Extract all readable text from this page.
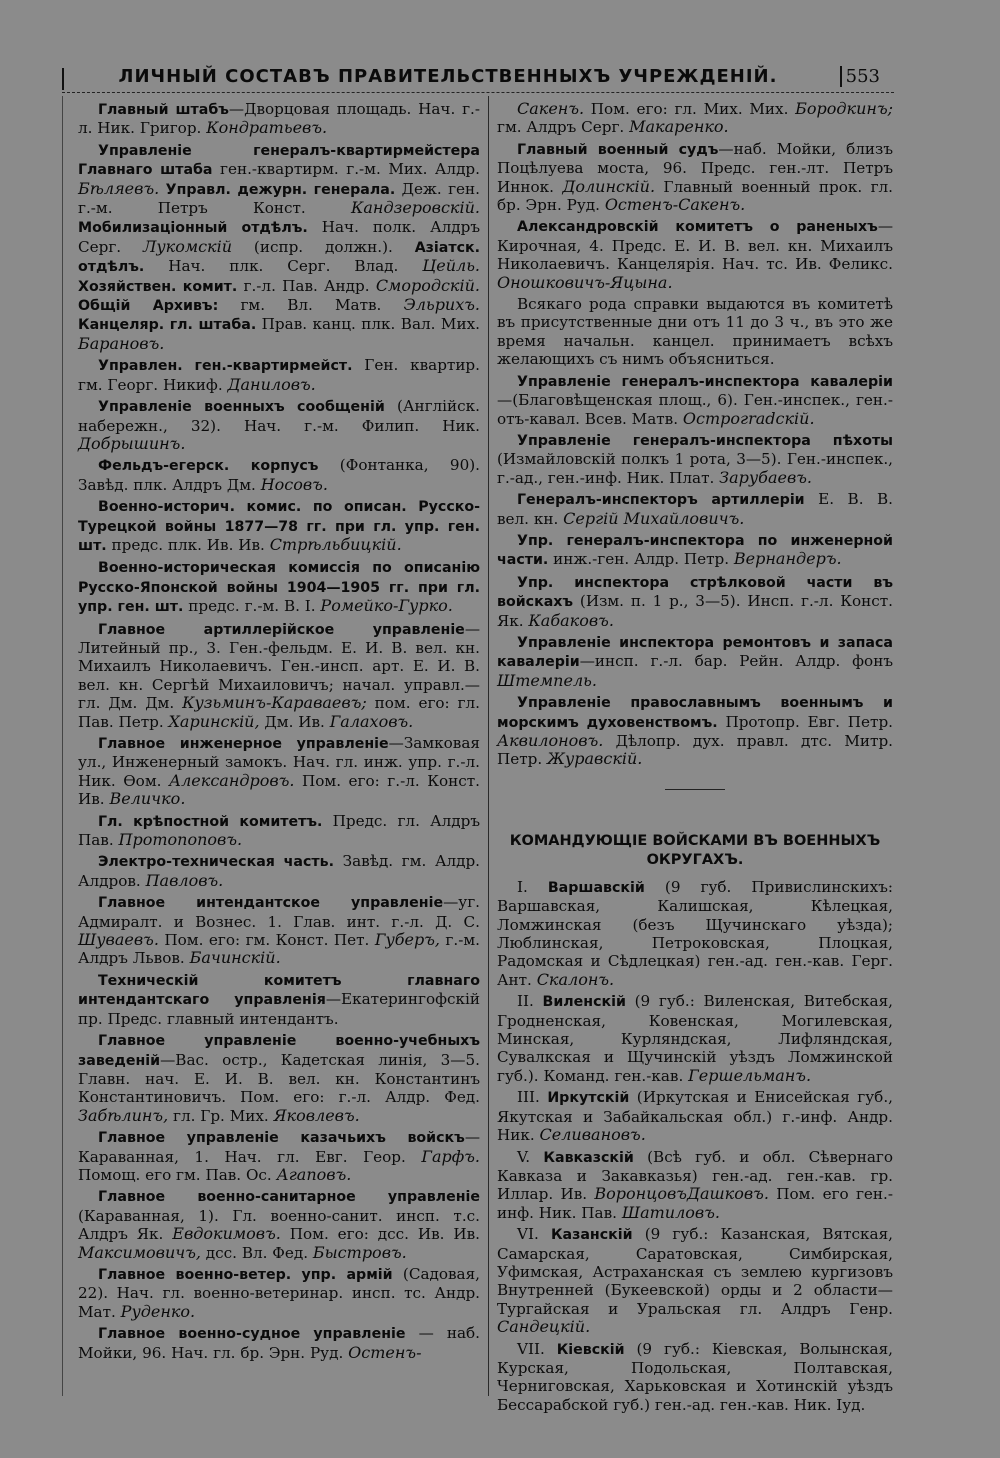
ЛИЧНЫЙ СОСТАВЪ ПРАВИТЕЛЬСТВЕННЫХЪ УЧРЕЖДЕНІЙ.	553

Главный штабъ—Дворцовая площадь. Нач. г.-л. Ник. Григор. Кондратьевъ.

Управленіе генералъ-квартирмейстера Главнаго штаба ген.-квартирм. г.-м. Мих. Алдр. Бѣляевъ. Управл. дежурн. генерала. Деж. ген. г.-м. Петръ Конст. Кандзеровскій. Мобилизаціонный отдѣлъ. Нач. полк. Алдръ Серг. Лукомскій (испр. должн.). Азіатск. отдѣлъ. Нач. плк. Серг. Влад. Цейль. Хозяйствен. комит. г.-л. Пав. Андр. Смородскій. Общій Архивъ: гм. Вл. Матв. Эльрихъ. Канцеляр. гл. штаба. Прав. канц. плк. Вал. Мих. Барановъ.

Управлен. ген.-квартирмейст. Ген. квартир. гм. Георг. Никиф. Даниловъ.

Управленіе военныхъ сообщеній (Англійск. набережн., 32). Нач. г.-м. Филип. Ник. Добрышинъ.

Фельдъ-егерск. корпусъ (Фонтанка, 90). Завѣд. плк. Алдръ Дм. Носовъ.

Военно-историч. комис. по описан. Русско-Турецкой войны 1877—78 гг. при гл. упр. ген. шт. предс. плк. Ив. Ив. Стрѣльбицкій.

Военно-историческая комиссія по описанію Русско-Японской войны 1904—1905 гг. при гл. упр. ген. шт. предс. г.-м. В. І. Ромейко-Гурко.

Главное артиллерійское управленіе—Литейный пр., 3. Ген.-фельдм. Е. И. В. вел. кн. Михаилъ Николаевичъ. Ген.-инсп. арт. Е. И. В. вел. кн. Сергѣй Михаиловичъ; начал. управл.— гл. Дм. Дм. Кузьминъ-Караваевъ; пом. его: гл. Пав. Петр. Харинскій, Дм. Ив. Галаховъ.

Главное инженерное управленіе—Замковая ул., Инженерный замокъ. Нач. гл. инж. упр. г.-л. Ник. Өом. Александровъ. Пом. его: г.-л. Конст. Ив. Величко.

Гл. крѣпостной комитетъ. Предс. гл. Алдръ Пав. Протопоповъ.

Электро-техническая часть. Завѣд. гм. Алдр. Алдров. Павловъ.

Главное интендантское управленіе—уг. Адмиралт. и Вознес. 1. Глав. инт. г.-л. Д. С. Шуваевъ. Пом. его: гм. Конст. Пет. Губеръ, г.-м. Алдръ Львов. Бачинскій.

Техническій комитетъ главнаго интендантскаго управленія—Екатерингофскій пр. Предс. главный интендантъ.

Главное управленіе военно-учебныхъ заведеній—Вас. остр., Кадетская линія, 3—5. Главн. нач. Е. И. В. вел. кн. Константинъ Константиновичъ. Пом. его: г.-л. Алдр. Фед. Забѣлинъ, гл. Гр. Мих. Яковлевъ.

Главное управленіе казачьихъ войскъ—Караванная, 1. Нач. гл. Евг. Геор. Гарфъ. Помощ. его гм. Пав. Ос. Агаповъ.

Главное военно-санитарное управленіе (Караванная, 1). Гл. военно-санит. инсп. т.с. Алдръ Як. Евдокимовъ. Пом. его: дсс. Ив. Ив. Максимовичъ, дсс. Вл. Фед. Быстровъ.

Главное военно-ветер. упр. армій (Садовая, 22). Нач. гл. военно-ветеринар. инсп. тс. Андр. Мат. Руденко.

Главное военно-судное управленіе — наб. Мойки, 96. Нач. гл. бр. Эрн. Руд. Остенъ-

Сакенъ. Пом. его: гл. Мих. Мих. Бородкинъ; гм. Алдръ Серг. Макаренко.

Главный военный судъ—наб. Мойки, близъ Поцѣлуева моста, 96. Предс. ген.-лт. Петръ Иннок. Долинскій. Главный военный прок. гл. бр. Эрн. Руд. Остенъ-Сакенъ.

Александровскій комитетъ о раненыхъ—Кирочная, 4. Предс. Е. И. В. вел. кн. Михаилъ Николаевичъ. Канцелярія. Нач. тс. Ив. Феликс. Оношковичъ-Яцына.

Всякаго рода справки выдаются въ комитетѣ въ присутственные дни отъ 11 до 3 ч., въ это же время начальн. канцел. принимаетъ всѣхъ желающихъ съ нимъ объясниться.

Управленіе генералъ-инспектора кавалеріи—(Благовѣщенская площ., 6). Ген.-инспек., ген.-отъ-кавал. Всев. Матв. Острогradскій.

Управленіе генералъ-инспектора пѣхоты (Измайловскій полкъ 1 рота, 3—5). Ген.-инспек., г.-ад., ген.-инф. Ник. Плат. Зарубаевъ.

Генералъ-инспекторъ артиллеріи Е. В. В. вел. кн. Сергій Михайловичъ.

Упр. генералъ-инспектора по инженерной части. инж.-ген. Алдр. Петр. Вернандеръ.

Упр. инспектора стрѣлковой части въ войскахъ (Изм. п. 1 р., 3—5). Инсп. г.-л. Конст. Як. Кабаковъ.

Управленіе инспектора ремонтовъ и запаса кавалеріи—инсп. г.-л. бар. Рейн. Алдр. фонъ Штемпель.

Управленіе православнымъ военнымъ и морскимъ духовенствомъ. Протопр. Евг. Петр. Аквилоновъ. Дѣлопр. дух. правл. дтс. Митр. Петр. Журавскій.

КОМАНДУЮЩІЕ ВОЙСКАМИ ВЪ ВОЕННЫХЪ ОКРУГАХЪ.

I. Варшавскій (9 губ. Привислинскихъ: Варшавская, Калишская, Кѣлецкая, Ломжинская (безъ Щучинскаго уѣзда); Люблинская, Петроковская, Плоцкая, Радомская и Сѣдлецкая) ген.-ад. ген.-кав. Герг. Ант. Скалонъ.

II. Виленскій (9 губ.: Виленская, Витебская, Гродненская, Ковенская, Могилевская, Минская, Курляндская, Лифляндская, Сувалкская и Щучинскій уѣздъ Ломжинской губ.). Команд. ген.-кав. Гершельманъ.

III. Иркутскій (Иркутская и Енисейская губ., Якутская и Забайкальская обл.) г.-инф. Андр. Ник. Селивановъ.

V. Кавказскій (Всѣ губ. и обл. Сѣвернаго Кавказа и Закавказья) ген.-ад. ген.-кав. гр. Иллар. Ив. ВоронцовъДашковъ. Пом. его ген.-инф. Ник. Пав. Шатиловъ.

VI. Казанскій (9 губ.: Казанская, Вятская, Самарская, Саратовская, Симбирская, Уфимская, Астраханская съ землею кургизовъ Внутренней (Букеевской) орды и 2 области—Тургайская и Уральская гл. Алдръ Генр. Сандецкій.

VII. Кіевскій (9 губ.: Кіевская, Волынская, Курская, Подольская, Полтавская, Черниговская, Харьковская и Хотинскій уѣздъ Бессарабской губ.) ген.-ад. ген.-кав. Ник. Іуд.
